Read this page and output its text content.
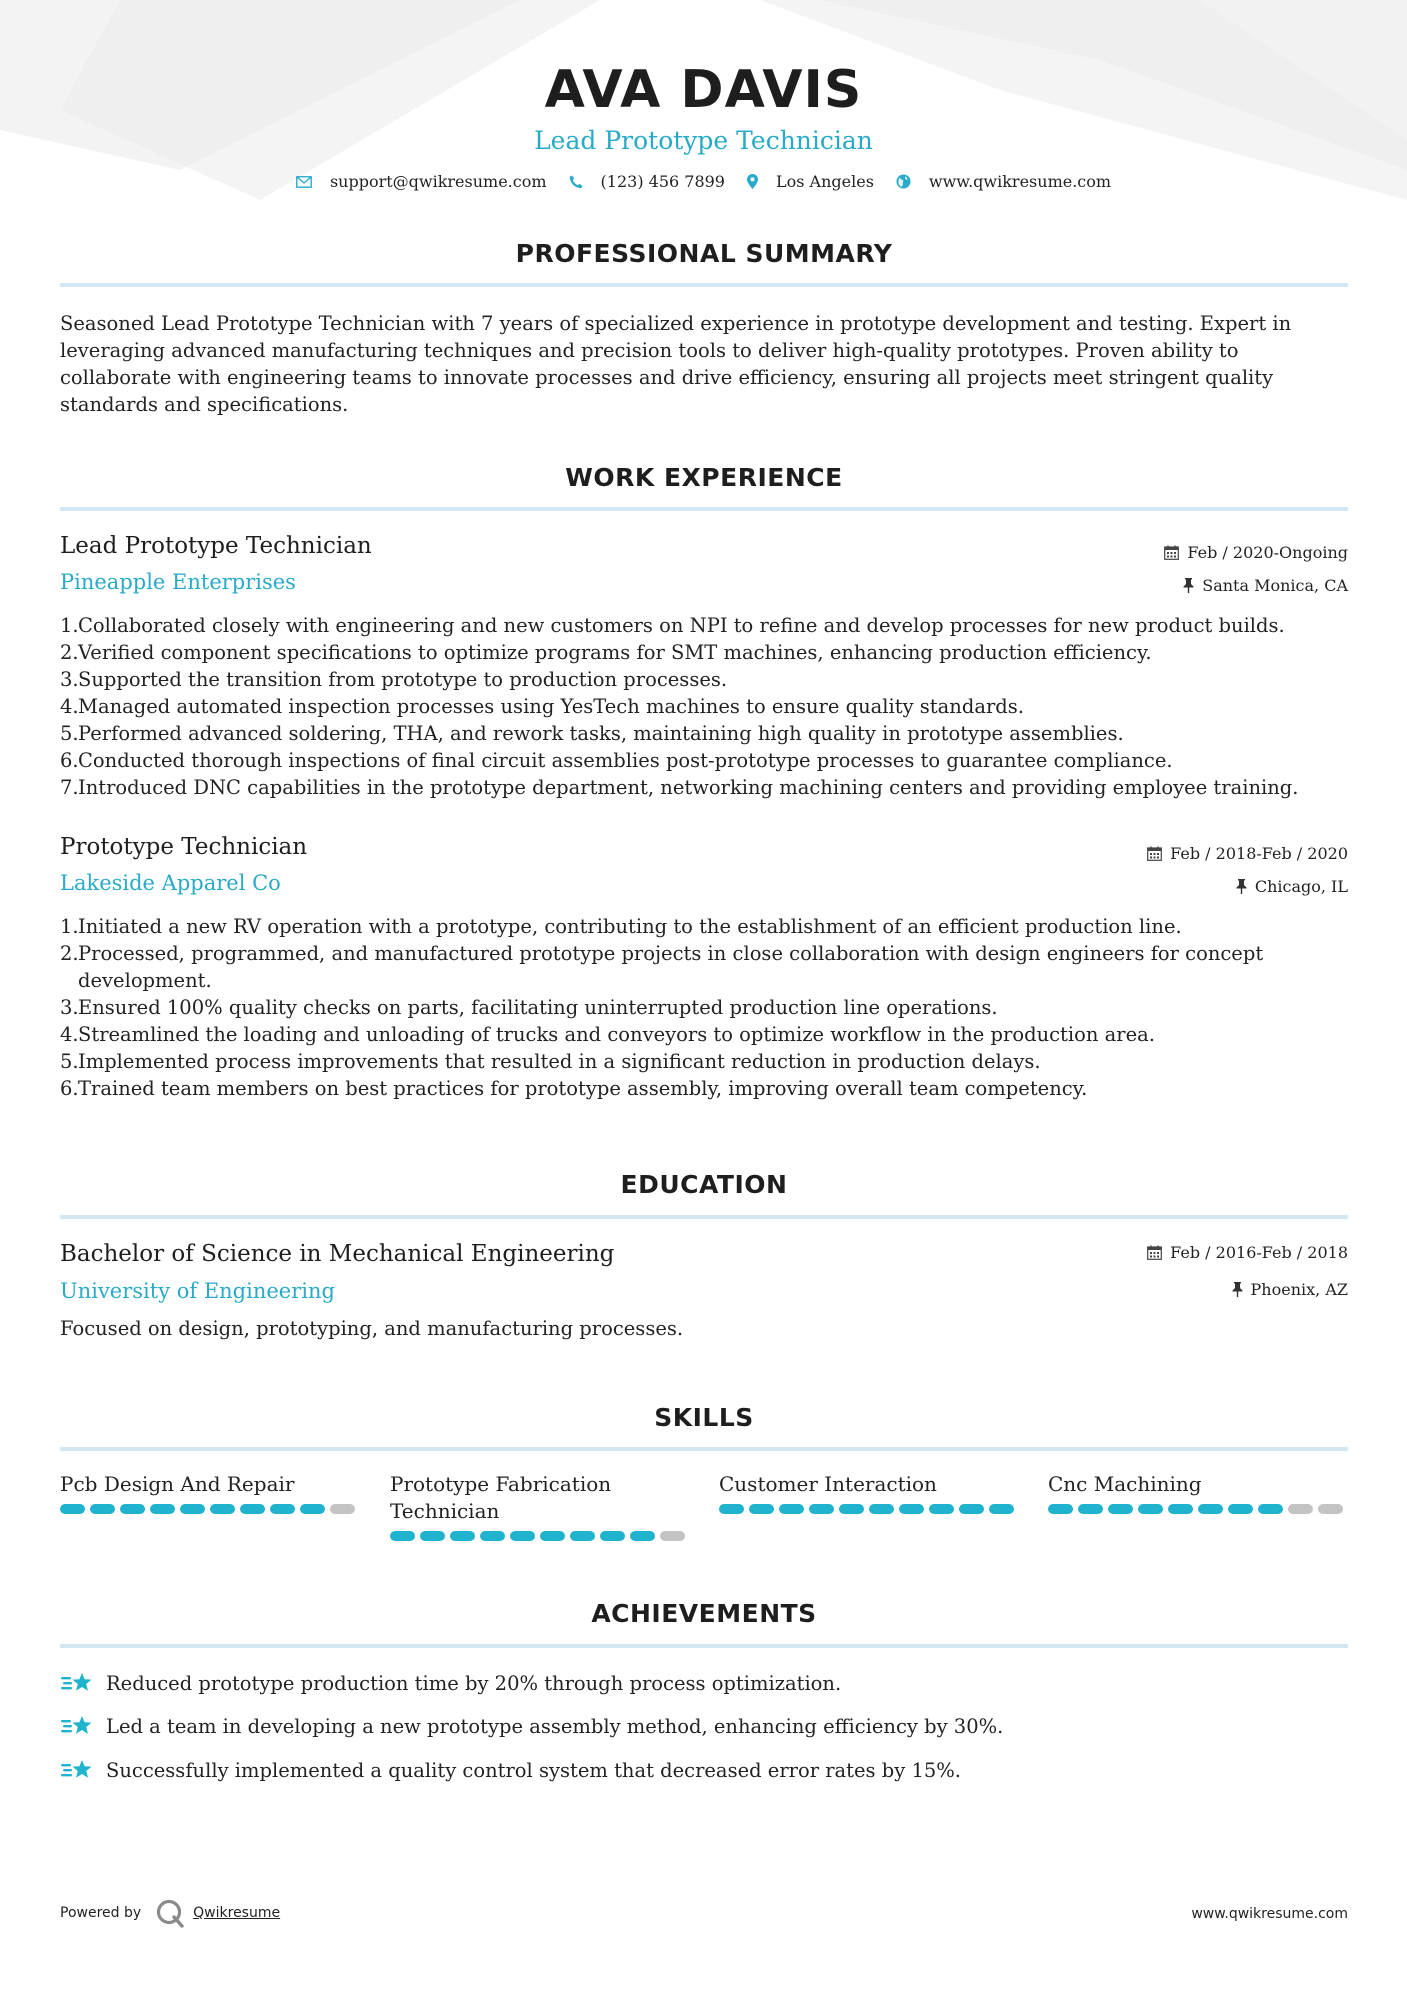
AVA DAVIS
Lead Prototype Technician
support@qwikresume.com	(123) 456 7899	Los Angeles	www.qwikresume.com
PROFESSIONAL SUMMARY
Seasoned Lead Prototype Technician with 7 years of specialized experience in prototype development and testing. Expert in leveraging advanced manufacturing techniques and precision tools to deliver high-quality prototypes. Proven ability to collaborate with engineering teams to innovate processes and drive efficiency, ensuring all projects meet stringent quality standards and specifications.
WORK EXPERIENCE
Lead Prototype Technician
Pineapple Enterprises
Feb / 2020-Ongoing
Santa Monica, CA
1. Collaborated closely with engineering and new customers on NPI to refine and develop processes for new product builds.
2. Verified component specifications to optimize programs for SMT machines, enhancing production efficiency.
3. Supported the transition from prototype to production processes.
4. Managed automated inspection processes using YesTech machines to ensure quality standards.
5. Performed advanced soldering, THA, and rework tasks, maintaining high quality in prototype assemblies.
6. Conducted thorough inspections of final circuit assemblies post-prototype processes to guarantee compliance.
7. Introduced DNC capabilities in the prototype department, networking machining centers and providing employee training.
Prototype Technician
Lakeside Apparel Co
Feb / 2018-Feb / 2020
Chicago, IL
1. Initiated a new RV operation with a prototype, contributing to the establishment of an efficient production line.
2. Processed, programmed, and manufactured prototype projects in close collaboration with design engineers for concept development.
3. Ensured 100% quality checks on parts, facilitating uninterrupted production line operations.
4. Streamlined the loading and unloading of trucks and conveyors to optimize workflow in the production area.
5. Implemented process improvements that resulted in a significant reduction in production delays.
6. Trained team members on best practices for prototype assembly, improving overall team competency.
EDUCATION
Bachelor of Science in Mechanical Engineering
University of Engineering
Feb / 2016-Feb / 2018
Phoenix, AZ
Focused on design, prototyping, and manufacturing processes.
SKILLS
Pcb Design And Repair	Prototype Fabrication Technician
Customer Interaction	Cnc Machining
ACHIEVEMENTS
Reduced prototype production time by 20% through process optimization.
Led a team in developing a new prototype assembly method, enhancing efficiency by 30%.
Successfully implemented a quality control system that decreased error rates by 15%.
Powered by	Qwikresume	www.qwikresume.com
